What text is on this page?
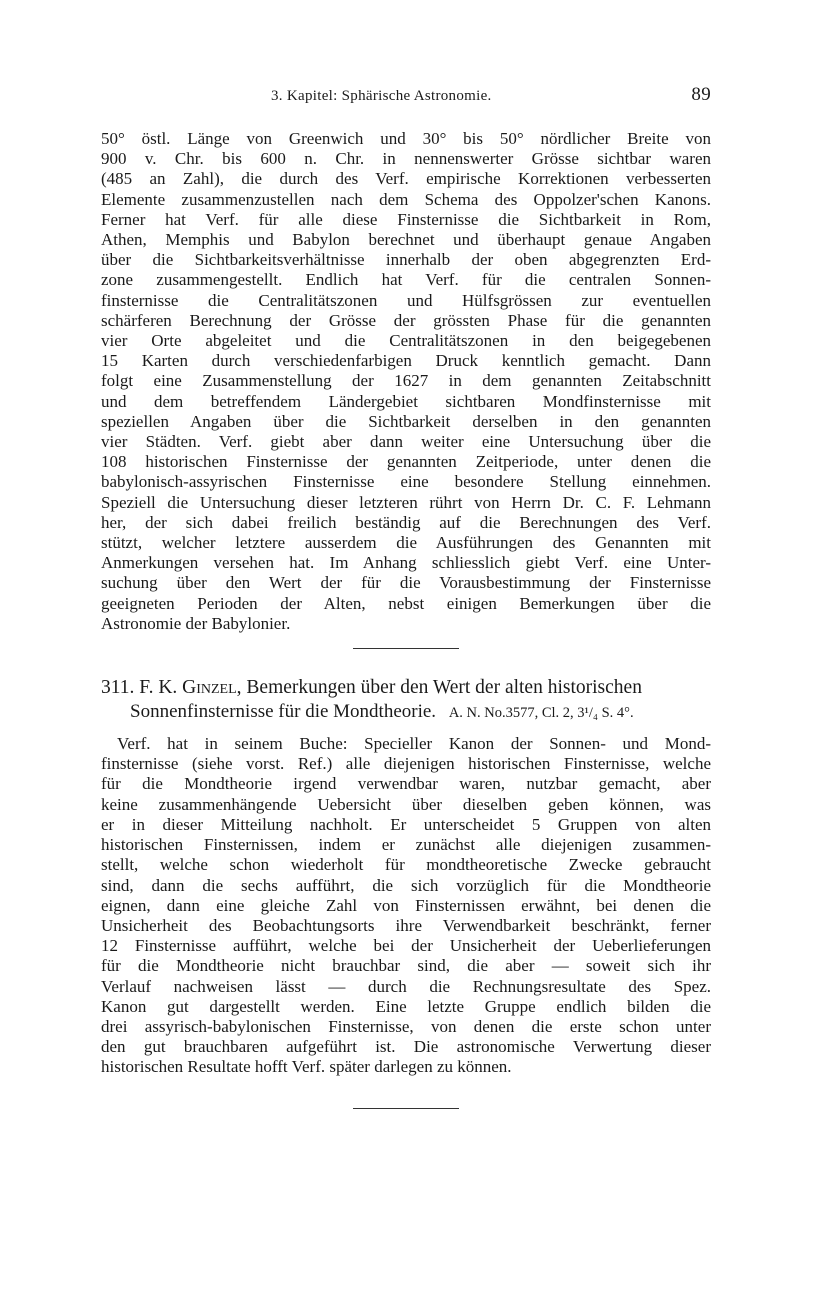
3. Kapitel: Sphärische Astronomie.	89

50° östl. Länge von Greenwich und 30° bis 50° nördlicher Breite von
900 v. Chr. bis 600 n. Chr. in nennenswerter Grösse sichtbar waren
(485 an Zahl), die durch des Verf. empirische Korrektionen verbesserten
Elemente zusammenzustellen nach dem Schema des Oppolzer'schen Kanons.
Ferner hat Verf. für alle diese Finsternisse die Sichtbarkeit in Rom,
Athen, Memphis und Babylon berechnet und überhaupt genaue Angaben
über die Sichtbarkeitsverhältnisse innerhalb der oben abgegrenzten Erd-
zone zusammengestellt. Endlich hat Verf. für die centralen Sonnen-
finsternisse die Centralitätszonen und Hülfsgrössen zur eventuellen
schärferen Berechnung der Grösse der grössten Phase für die genannten
vier Orte abgeleitet und die Centralitätszonen in den beigegebenen
15 Karten durch verschiedenfarbigen Druck kenntlich gemacht. Dann
folgt eine Zusammenstellung der 1627 in dem genannten Zeitabschnitt
und dem betreffendem Ländergebiet sichtbaren Mondfinsternisse mit
speziellen Angaben über die Sichtbarkeit derselben in den genannten
vier Städten. Verf. giebt aber dann weiter eine Untersuchung über die
108 historischen Finsternisse der genannten Zeitperiode, unter denen die
babylonisch-assyrischen Finsternisse eine besondere Stellung einnehmen.
Speziell die Untersuchung dieser letzteren rührt von Herrn Dr. C. F. Lehmann
her, der sich dabei freilich beständig auf die Berechnungen des Verf.
stützt, welcher letztere ausserdem die Ausführungen des Genannten mit
Anmerkungen versehen hat. Im Anhang schliesslich giebt Verf. eine Unter-
suchung über den Wert der für die Vorausbestimmung der Finsternisse
geeigneten Perioden der Alten, nebst einigen Bemerkungen über die
Astronomie der Babylonier.

311. F. K. Ginzel, Bemerkungen über den Wert der alten historischen
Sonnenfinsternisse für die Mondtheorie. A. N. No.3577, Cl. 2, 3¹/₄ S. 4°.

Verf. hat in seinem Buche: Specieller Kanon der Sonnen- und Mond-
finsternisse (siehe vorst. Ref.) alle diejenigen historischen Finsternisse, welche
für die Mondtheorie irgend verwendbar waren, nutzbar gemacht, aber
keine zusammenhängende Uebersicht über dieselben geben können, was
er in dieser Mitteilung nachholt. Er unterscheidet 5 Gruppen von alten
historischen Finsternissen, indem er zunächst alle diejenigen zusammen-
stellt, welche schon wiederholt für mondtheoretische Zwecke gebraucht
sind, dann die sechs aufführt, die sich vorzüglich für die Mondtheorie
eignen, dann eine gleiche Zahl von Finsternissen erwähnt, bei denen die
Unsicherheit des Beobachtungsorts ihre Verwendbarkeit beschränkt, ferner
12 Finsternisse aufführt, welche bei der Unsicherheit der Ueberlieferungen
für die Mondtheorie nicht brauchbar sind, die aber — soweit sich ihr
Verlauf nachweisen lässt — durch die Rechnungsresultate des Spez.
Kanon gut dargestellt werden. Eine letzte Gruppe endlich bilden die
drei assyrisch-babylonischen Finsternisse, von denen die erste schon unter
den gut brauchbaren aufgeführt ist. Die astronomische Verwertung dieser
historischen Resultate hofft Verf. später darlegen zu können.
